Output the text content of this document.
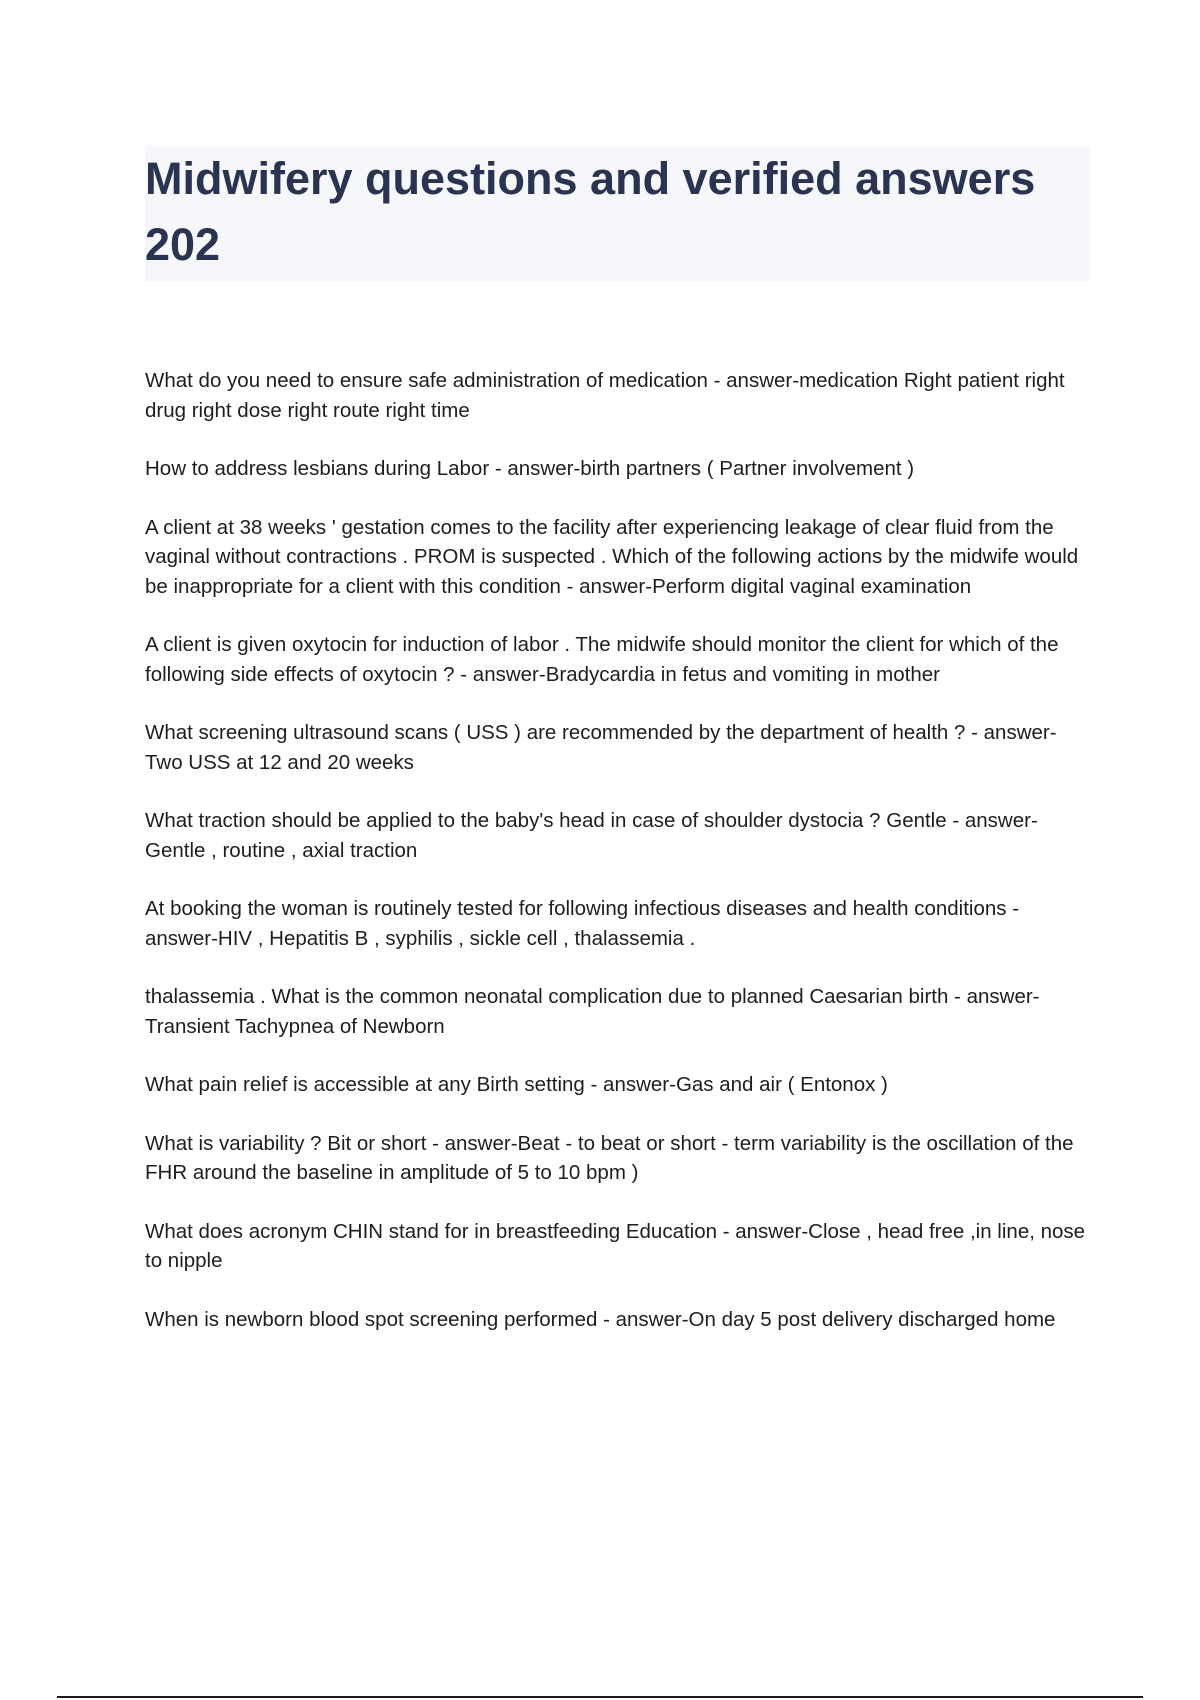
Midwifery questions and verified answers 202

What do you need to ensure safe administration of medication - answer-medication Right patient right drug right dose right route right time

How to address lesbians during Labor - answer-birth partners ( Partner involvement )

A client at 38 weeks ' gestation comes to the facility after experiencing leakage of clear fluid from the vaginal without contractions . PROM is suspected . Which of the following actions by the midwife would be inappropriate for a client with this condition - answer-Perform digital vaginal examination

A client is given oxytocin for induction of labor . The midwife should monitor the client for which of the following side effects of oxytocin ? - answer-Bradycardia in fetus and vomiting in mother

What screening ultrasound scans ( USS ) are recommended by the department of health ? - answer-Two USS at 12 and 20 weeks

What traction should be applied to the baby's head in case of shoulder dystocia ? Gentle - answer-Gentle , routine , axial traction

At booking the woman is routinely tested for following infectious diseases and health conditions - answer-HIV , Hepatitis B , syphilis , sickle cell , thalassemia .

thalassemia . What is the common neonatal complication due to planned Caesarian birth - answer-Transient Tachypnea of Newborn

What pain relief is accessible at any Birth setting - answer-Gas and air ( Entonox )

What is variability ? Bit or short - answer-Beat - to beat or short - term variability is the oscillation of the FHR around the baseline in amplitude of 5 to 10 bpm )

What does acronym CHIN stand for in breastfeeding Education - answer-Close , head free ,in line, nose to nipple

When is newborn blood spot screening performed - answer-On day 5 post delivery discharged home
